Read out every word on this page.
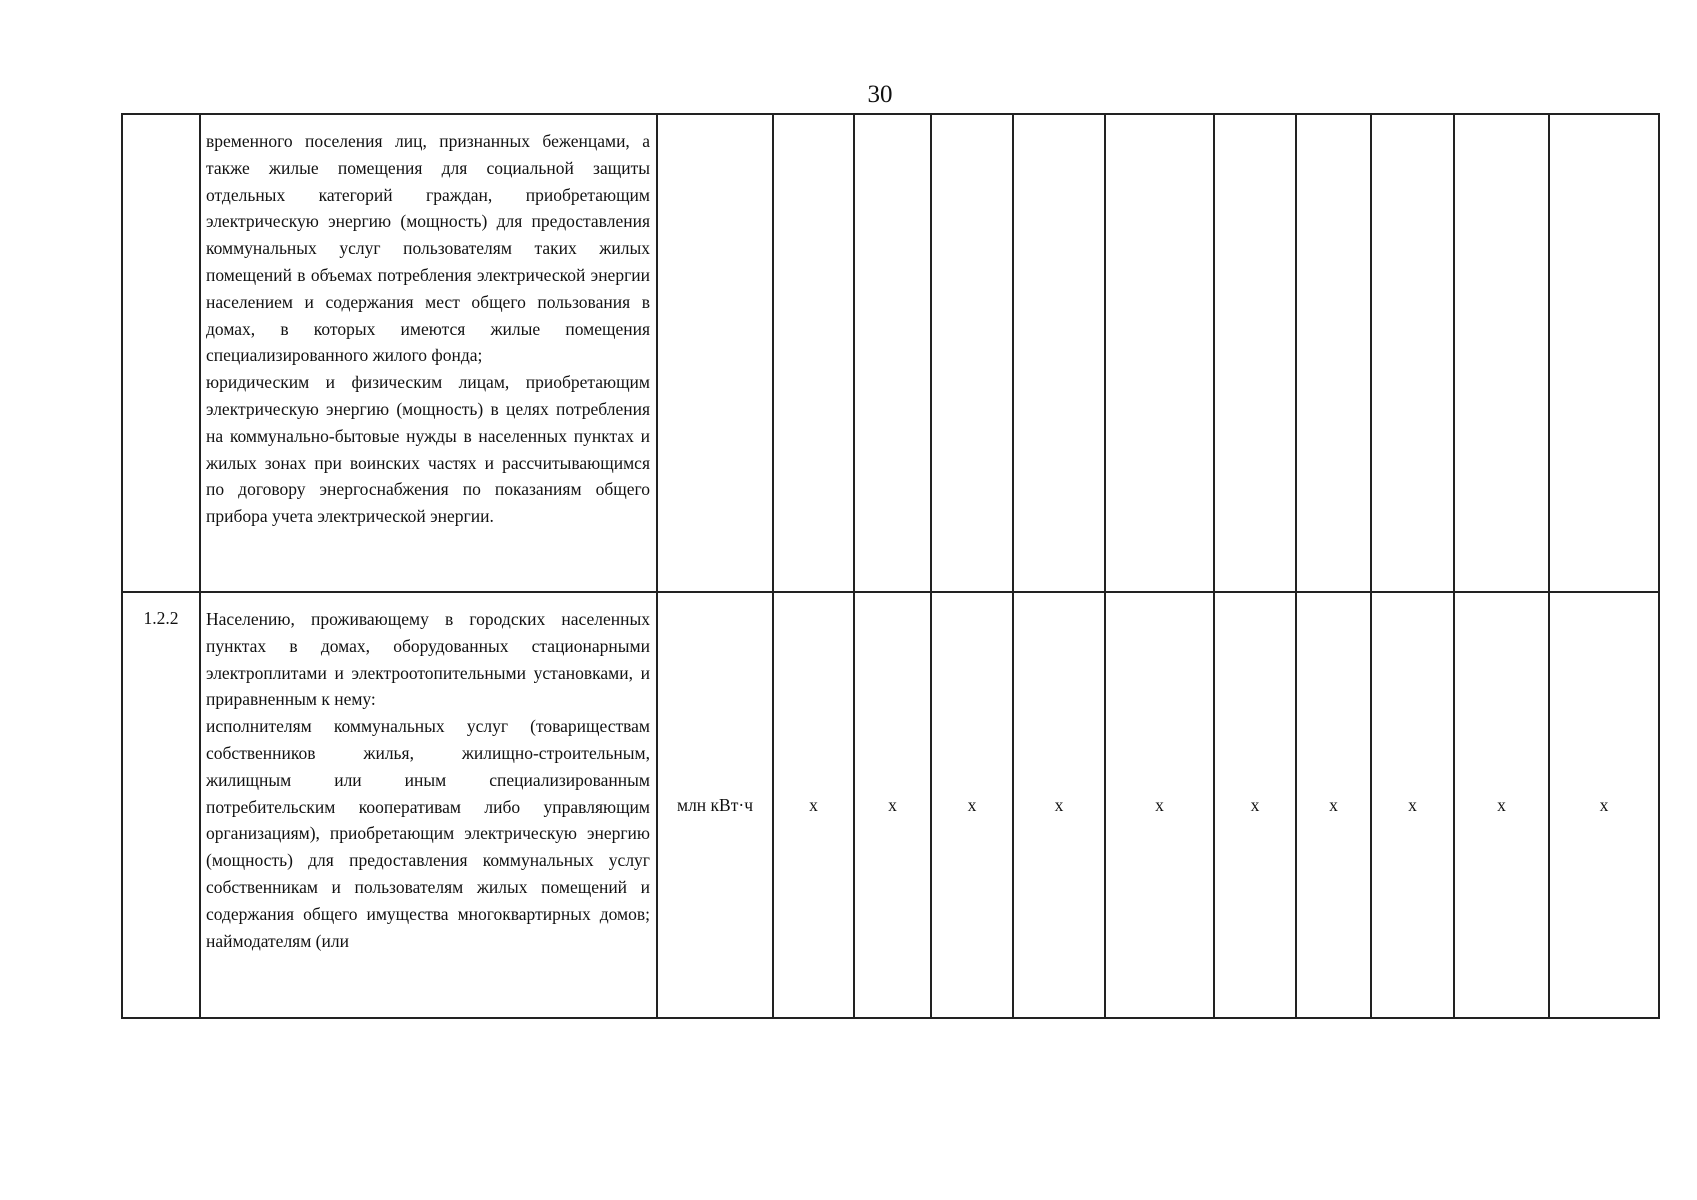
30

	временного поселения лиц, признанных беженцами, а также жилые помещения для социальной защиты отдельных категорий граждан, приобретающим электрическую энергию (мощность) для предоставления коммунальных услуг пользователям таких жилых помещений в объемах потребления электрической энергии населением и содержания мест общего пользования в домах, в которых имеются жилые помещения специализированного жилого фонда;
юридическим и физическим лицам, приобретающим электрическую энергию (мощность) в целях потребления на коммунально-бытовые нужды в населенных пунктах и жилых зонах при воинских частях и рассчитывающимся по договору энергоснабжения по показаниям общего прибора учета электрической энергии.											

1.2.2	Населению, проживающему в городских населенных пунктах в домах, оборудованных стационарными электроплитами и электроотопительными установками, и приравненным к нему:
исполнителям коммунальных услуг (товариществам собственников жилья, жилищно-строительным, жилищным или иным специализированным потребительским кооперативам либо управляющим организациям), приобретающим электрическую энергию (мощность) для предоставления коммунальных услуг собственникам и пользователям жилых помещений и содержания общего имущества многоквартирных домов; наймодателям (или	млн кВт·ч	х	х	х	х	х	х	х	х	х	х
